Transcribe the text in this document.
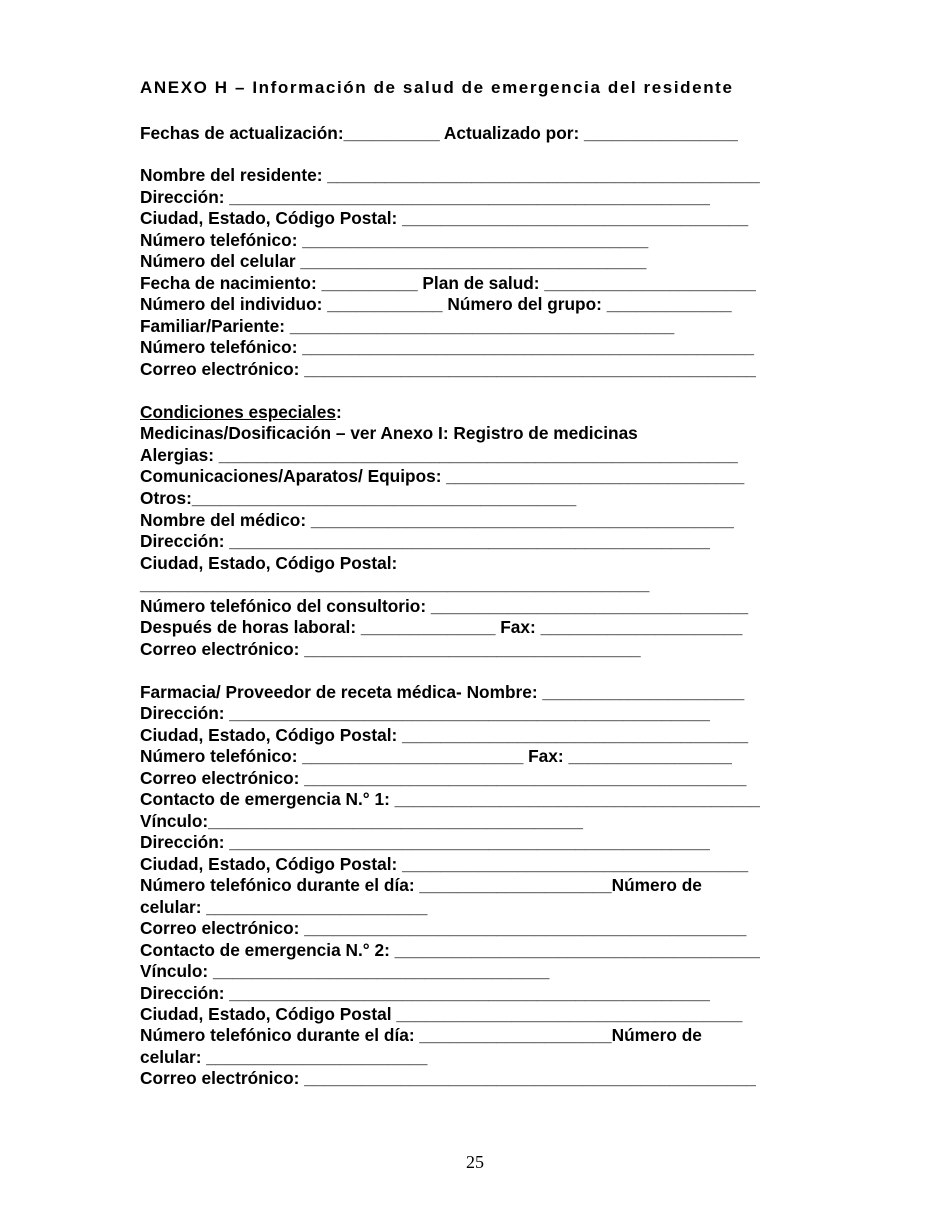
ANEXO H – Información de salud de emergencia del residente
Fechas de actualización:__________ Actualizado por: ________________
Nombre del residente: _____________________________________________
Dirección: __________________________________________________
Ciudad, Estado, Código Postal: ____________________________________
Número telefónico: ____________________________________
Número del celular ____________________________________
Fecha de nacimiento: __________ Plan de salud: ______________________
Número del individuo: ____________ Número del grupo: _____________
Familiar/Pariente: ________________________________________
Número telefónico: _______________________________________________
Correo electrónico: _______________________________________________
Condiciones especiales:
Medicinas/Dosificación – ver Anexo I: Registro de medicinas
Alergias: ______________________________________________________
Comunicaciones/Aparatos/ Equipos: _______________________________
Otros:________________________________________
Nombre del médico: ____________________________________________
Dirección: __________________________________________________
Ciudad, Estado, Código Postal:
_____________________________________________________
Número telefónico del consultorio: _________________________________
Después de horas laboral: ______________ Fax: _____________________
Correo electrónico: ___________________________________
Farmacia/ Proveedor de receta médica- Nombre: _____________________
Dirección: __________________________________________________
Ciudad, Estado, Código Postal: ____________________________________
Número telefónico: _______________________ Fax: _________________
Correo electrónico: ______________________________________________
Contacto de emergencia N.° 1: ______________________________________
Vínculo:_______________________________________
Dirección: __________________________________________________
Ciudad, Estado, Código Postal: ____________________________________
Número telefónico durante el día: ____________________Número de
celular: _______________________
Correo electrónico: ______________________________________________
Contacto de emergencia N.° 2: ______________________________________
Vínculo: ___________________________________
Dirección: __________________________________________________
Ciudad, Estado, Código Postal ____________________________________
Número telefónico durante el día: ____________________Número de
celular: _______________________
Correo electrónico: _______________________________________________
25
